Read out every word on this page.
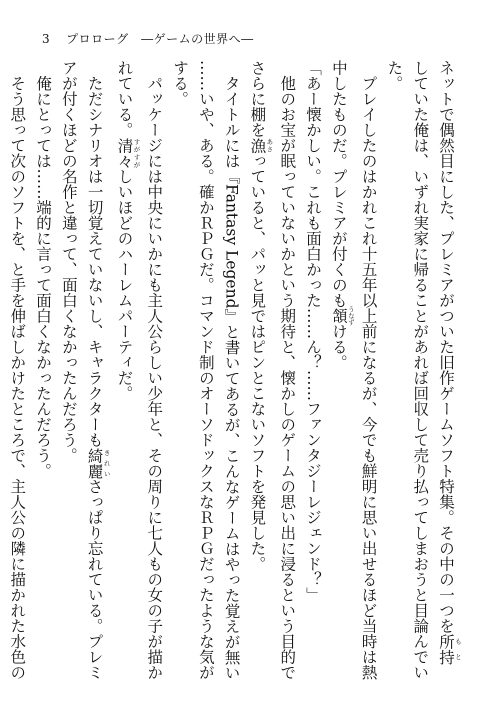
3 プロローグ　―ゲームの世界へ―
ネットで偶然目にした、プレミアがついた旧作ゲームソフト特集。その中の一つを所持 もと
していた俺は、いずれ実家に帰ることがあれば回収して売り払ってしまおうと目論んでい
た。
　プレイしたのはかれこれ十五年以上前になるが、今でも鮮明に思い出せるほど当時は熱
中したものだ。プレミアが付くのも頷 うなずける。
「あー懐かしい。これも面白かった……ん？……ファンタジーレジェンド？」
　他のお宝が眠っていないかという期待と、懐かしのゲームの思い出に浸るという目的で
さらに棚を漁 あさっていると、パッと見ではピンとこないソフトを発見した。
　タイトルには『Fantasy Legend』と書いてあるが、こんなゲームはやった覚えが無い
……いや、ある。確かＲＰＧだ。コマンド制のオーソドックスなＲＰＧだったような気が
する。
　パッケージには中央にいかにも主人公らしい少年と、その周りに七人もの女の子が描か
れている。清々 すがすがしいほどのハーレムパーティだ。
　ただシナリオは一切覚えていないし、キャラクターも綺麗 きれいさっぱり忘れている。プレミ
アが付くほどの名作と違って、面白くなかったんだろう。
　俺にとっては……端的に言って面白くなかったんだろう。
　そう思って次のソフトを、と手を伸ばしかけたところで、主人公の隣に描かれた水色の
